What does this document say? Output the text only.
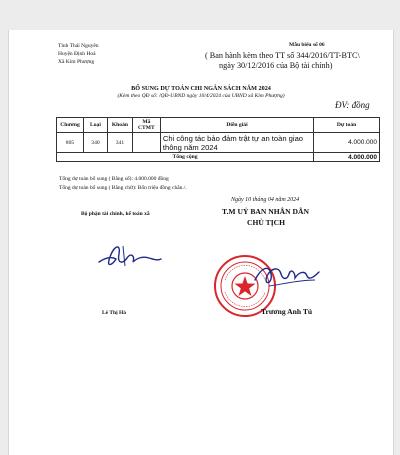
Tỉnh Thái Nguyên
Huyện Định Hoá
Xã Kim Phượng
Mẫu biểu số 06
( Ban hành kèm theo TT số 344/2016/TT-BTC\
ngày 30/12/2016 của Bộ tài chính)
BỔ SUNG DỰ TOÁN CHI NGÂN SÁCH NĂM 2024
(Kèm theo QĐ số: /QĐ-UBND ngày 10/4/2024 của UBND xã Kim Phượng)
ĐV: đồng
Chương	Loại	Khoản	Mã CTMT	Diễn giải	Dự toán
805	340	341		Chi công tác bảo đảm trật tự an toàn giao thông năm 2024	4.000.000
Tổng cộng					4.000.000
Tổng dự toán bổ sung ( Bằng số): 4.000.000 đồng
Tổng dự toán bổ sung ( Bằng chữ): Bốn triệu đồng chẵn./.
Ngày 10 tháng 04 năm 2024
Bộ phận tài chính, kế toán xã	T.M UỶ BAN NHÂN DÂN
CHỦ TỊCH
Lê Thị Hà	Trương Anh Tú
